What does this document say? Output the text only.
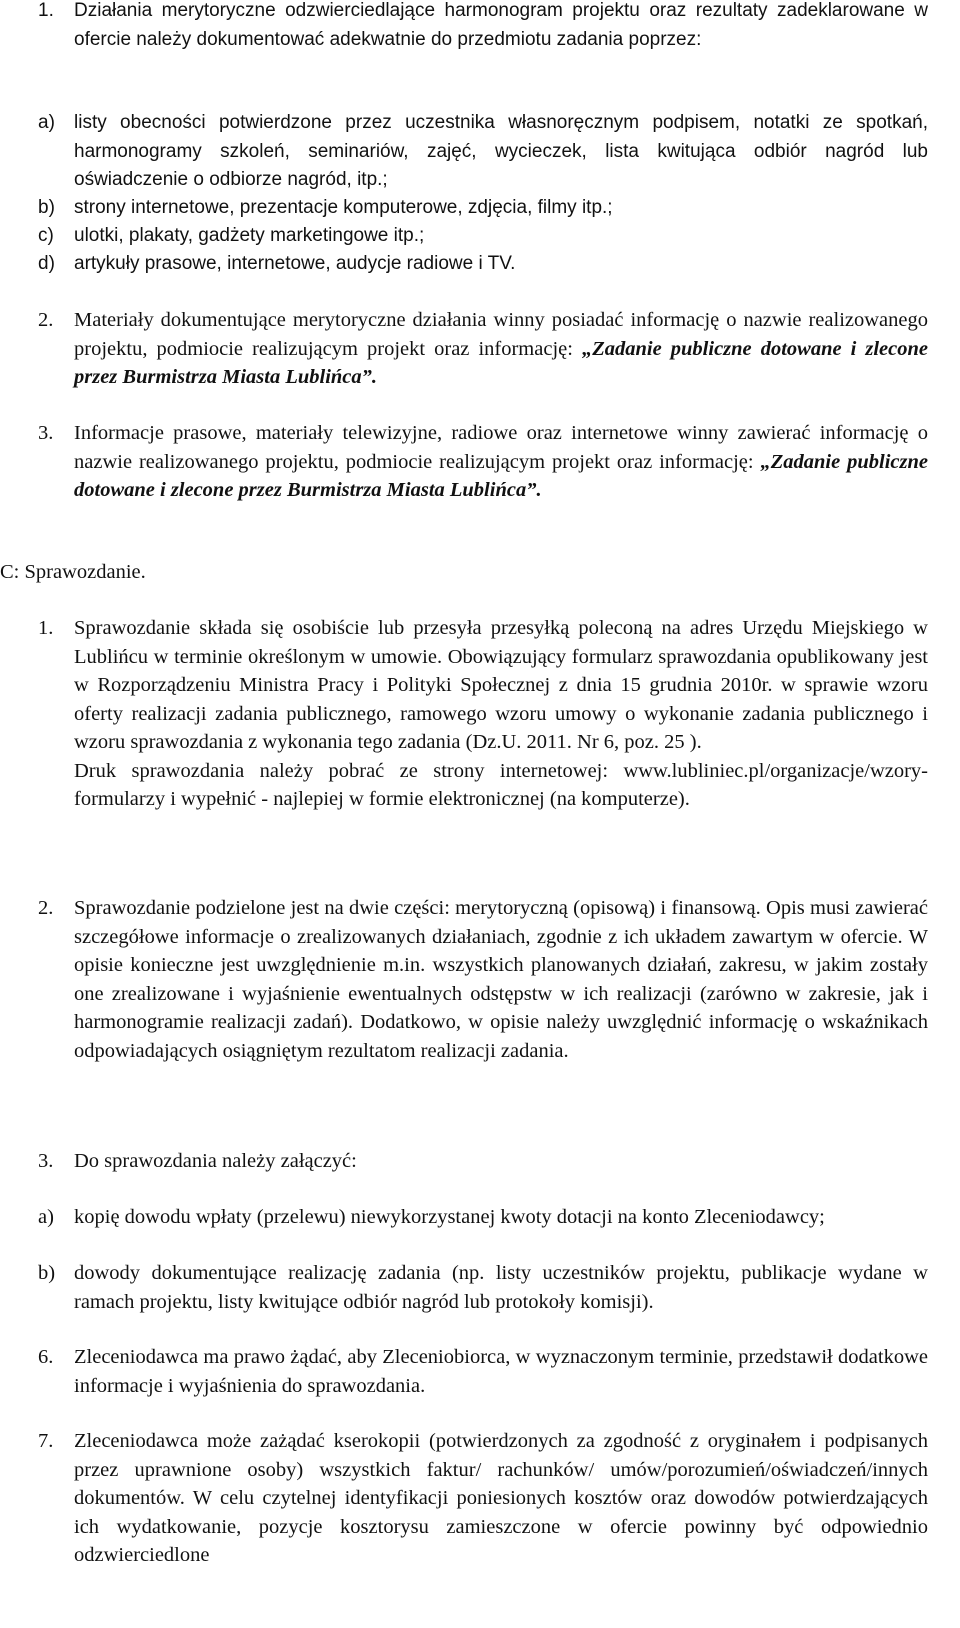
1.	Działania merytoryczne odzwierciedlające harmonogram projektu oraz rezultaty zadeklarowane w ofercie należy dokumentować adekwatnie do przedmiotu zadania poprzez:
a)	listy obecności potwierdzone przez uczestnika własnoręcznym podpisem, notatki ze spotkań, harmonogramy szkoleń, seminariów, zajęć, wycieczek, lista kwitująca odbiór nagród lub oświadczenie o odbiorze nagród, itp.;
b)	strony internetowe, prezentacje komputerowe, zdjęcia, filmy itp.;
c)	ulotki, plakaty, gadżety marketingowe itp.;
d)	artykuły prasowe, internetowe, audycje radiowe i TV.
2.	Materiały dokumentujące merytoryczne działania winny posiadać informację o nazwie realizowanego projektu, podmiocie realizującym projekt oraz informację: „Zadanie publiczne dotowane i zlecone przez Burmistrza Miasta Lublińca”.
3.	Informacje prasowe, materiały telewizyjne, radiowe oraz internetowe winny zawierać informację o nazwie realizowanego projektu, podmiocie realizującym projekt oraz informację: „Zadanie publiczne dotowane i zlecone przez Burmistrza Miasta Lublińca”.
C: Sprawozdanie.
1.	Sprawozdanie składa się osobiście lub przesyła przesyłką poleconą na adres Urzędu Miejskiego w Lublińcu w terminie określonym w umowie. Obowiązujący formularz sprawozdania opublikowany jest w Rozporządzeniu Ministra Pracy i Polityki Społecznej z dnia 15 grudnia 2010r. w sprawie wzoru oferty realizacji zadania publicznego, ramowego wzoru umowy o wykonanie zadania publicznego i wzoru sprawozdania z wykonania tego zadania (Dz.U. 2011. Nr 6, poz. 25 ).
Druk sprawozdania należy pobrać ze strony internetowej: www.lubliniec.pl/organizacje/wzory-formularzy i wypełnić - najlepiej w formie elektronicznej (na komputerze).
2.	Sprawozdanie podzielone jest na dwie części: merytoryczną (opisową) i finansową. Opis musi zawierać szczegółowe informacje o zrealizowanych działaniach, zgodnie z ich układem zawartym w ofercie. W opisie konieczne jest uwzględnienie m.in. wszystkich planowanych działań, zakresu, w jakim zostały one zrealizowane i wyjaśnienie ewentualnych odstępstw w ich realizacji (zarówno w zakresie, jak i harmonogramie realizacji zadań). Dodatkowo, w opisie należy uwzględnić informację o wskaźnikach odpowiadających osiągniętym rezultatom realizacji zadania.
3.	Do sprawozdania należy załączyć:
a) kopię dowodu wpłaty (przelewu) niewykorzystanej kwoty dotacji na konto Zleceniodawcy;
b) dowody dokumentujące realizację zadania (np. listy uczestników projektu, publikacje wydane w ramach projektu, listy kwitujące odbiór nagród lub protokoły komisji).
6.	Zleceniodawca ma prawo żądać, aby Zleceniobiorca, w wyznaczonym terminie, przedstawił dodatkowe informacje i wyjaśnienia do sprawozdania.
7.	Zleceniodawca może zażądać kserokopii (potwierdzonych za zgodność z oryginałem i podpisanych przez uprawnione osoby) wszystkich faktur/ rachunków/ umów/porozumień/oświadczeń/innych dokumentów. W celu czytelnej identyfikacji poniesionych kosztów oraz dowodów potwierdzających ich wydatkowanie, pozycje kosztorysu zamieszczone w ofercie powinny być odpowiednio odzwierciedlone
